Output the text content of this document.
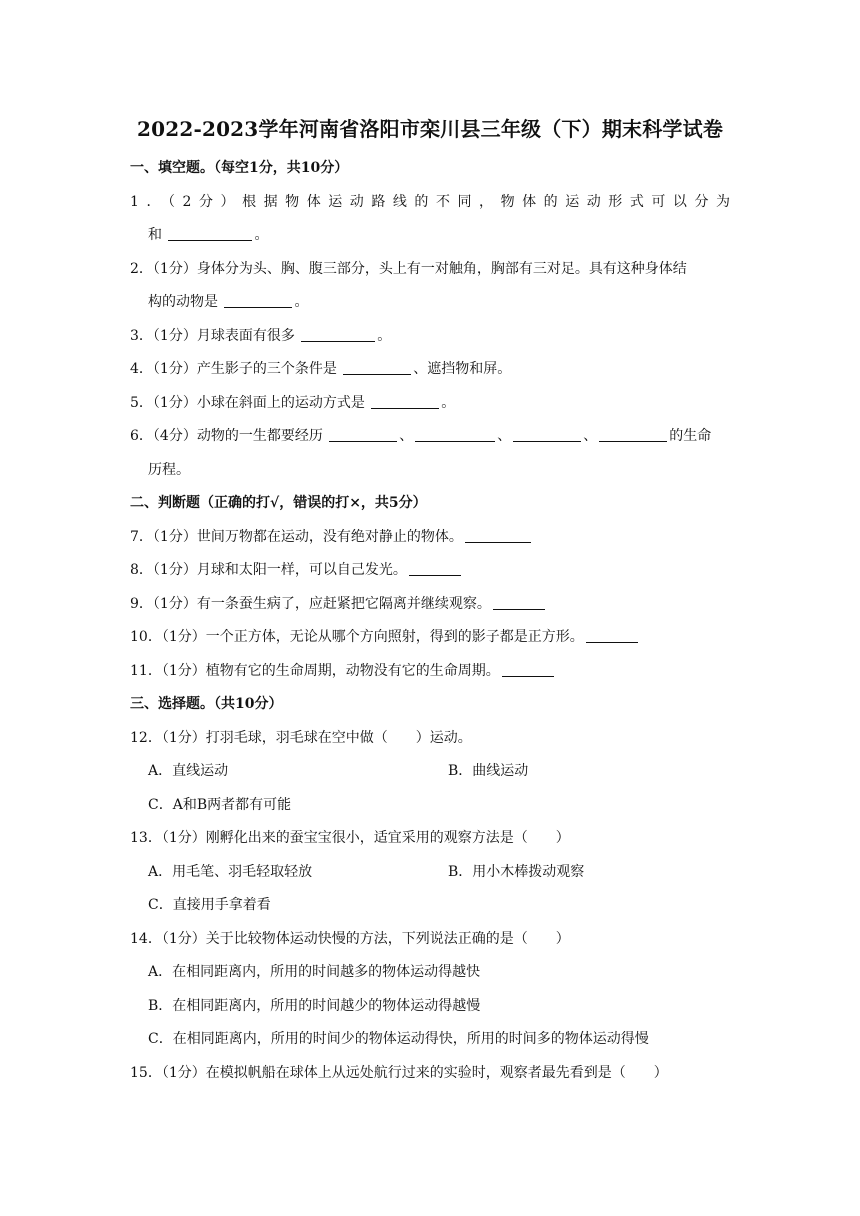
2022-2023学年河南省洛阳市栾川县三年级（下）期末科学试卷
一、填空题。（每空1分，共10分）
1．（2分）根据物体运动路线的不同，物体的运动形式可以分为
和	。
2．（1分）身体分为头、胸、腹三部分，头上有一对触角，胸部有三对足。具有这种身体结
构的动物是	。
3．（1分）月球表面有很多	。
4．（1分）产生影子的三个条件是	、遮挡物和屏。
5．（1分）小球在斜面上的运动方式是	。
6．（4分）动物的一生都要经历	、	、	、	的生命
历程。
二、判断题（正确的打√，错误的打×，共5分）
7．（1分）世间万物都在运动，没有绝对静止的物体。
8．（1分）月球和太阳一样，可以自己发光。
9．（1分）有一条蚕生病了，应赶紧把它隔离并继续观察。
10．（1分）一个正方体，无论从哪个方向照射，得到的影子都是正方形。
11．（1分）植物有它的生命周期，动物没有它的生命周期。
三、选择题。（共10分）
12．（1分）打羽毛球，羽毛球在空中做（　　）运动。
A．直线运动	B．曲线运动
C．A和B两者都有可能
13．（1分）刚孵化出来的蚕宝宝很小，适宜采用的观察方法是（　　）
A．用毛笔、羽毛轻取轻放	B．用小木棒拨动观察
C．直接用手拿着看
14．（1分）关于比较物体运动快慢的方法，下列说法正确的是（　　）
A．在相同距离内，所用的时间越多的物体运动得越快
B．在相同距离内，所用的时间越少的物体运动得越慢
C．在相同距离内，所用的时间少的物体运动得快，所用的时间多的物体运动得慢
15．（1分）在模拟帆船在球体上从远处航行过来的实验时，观察者最先看到是（　　）
